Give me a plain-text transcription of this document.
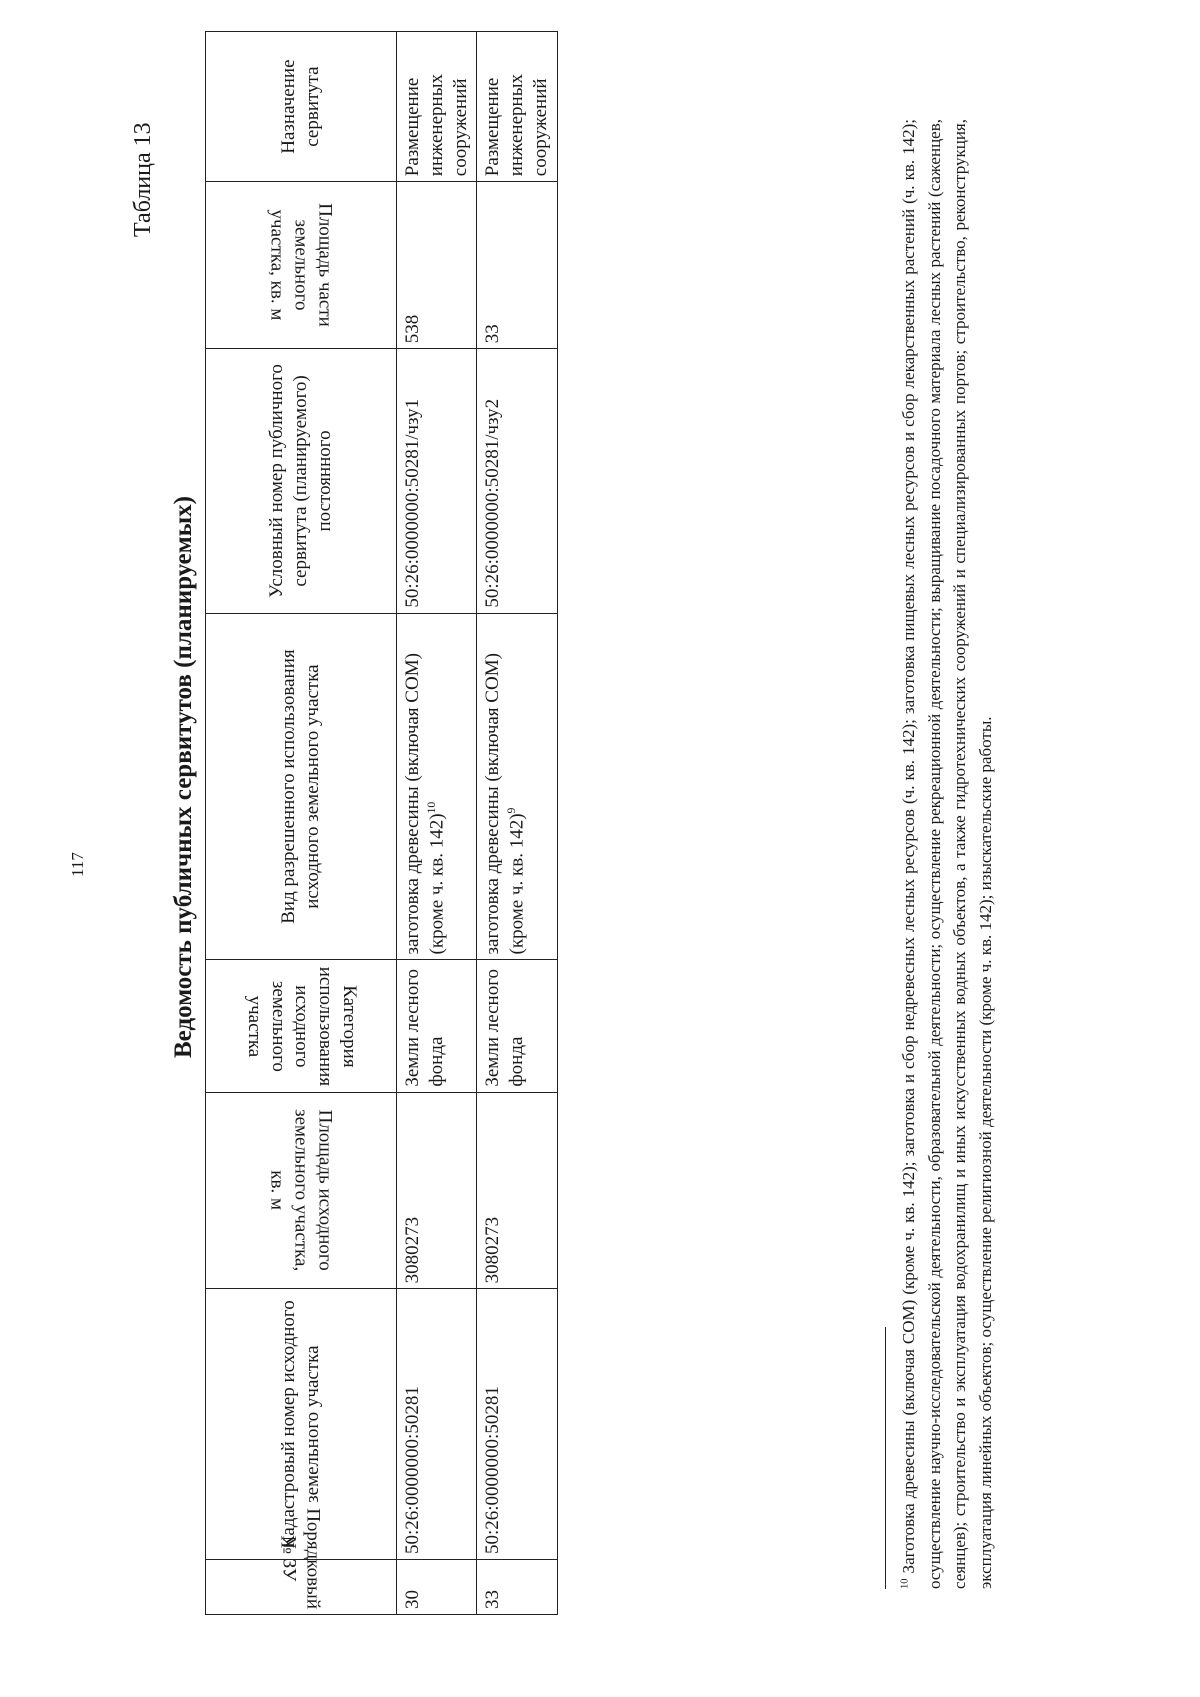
117
Таблица 13
Ведомость публичных сервитутов (планируемых)
Порядковый № ЗУ	Кадастровый номер исходного земельного участка	Площадь исходного земельного участка, кв. м	Категория использования исходного земельного участка	Вид разрешенного использования исходного земельного участка	Условный номер публичного сервитута (планируемого) постоянного	Площадь части земельного участка, кв. м	Назначение сервитута
30	50:26:0000000:50281	3080273	Земли лесного фонда	заготовка древесины (включая СОМ) (кроме ч. кв. 142)$^{10}$	50:26:0000000:50281/чзу1	538	Размещение инженерных сооружений
33	50:26:0000000:50281	3080273	Земли лесного фонда	заготовка древесины (включая СОМ) (кроме ч. кв. 142)$^9$	50:26:0000000:50281/чзу2	33	Размещение инженерных сооружений
$^{10}$ Заготовка древесины (включая СОМ) (кроме ч. кв. 142); заготовка и сбор недревесных лесных ресурсов (ч. кв. 142); заготовка пищевых лесных ресурсов и сбор лекарственных растений (ч. кв. 142); осуществление научно-исследовательской деятельности, образовательной деятельности; осуществление рекреационной деятельности; выращивание посадочного материала лесных растений (саженцев, сеянцев); строительство и эксплуатация водохранилищ и иных искусственных водных объектов, а также гидротехнических сооружений и специализированных портов; строительство, реконструкция, эксплуатация линейных объектов; осуществление религиозной деятельности (кроме ч. кв. 142); изыскательские работы.
